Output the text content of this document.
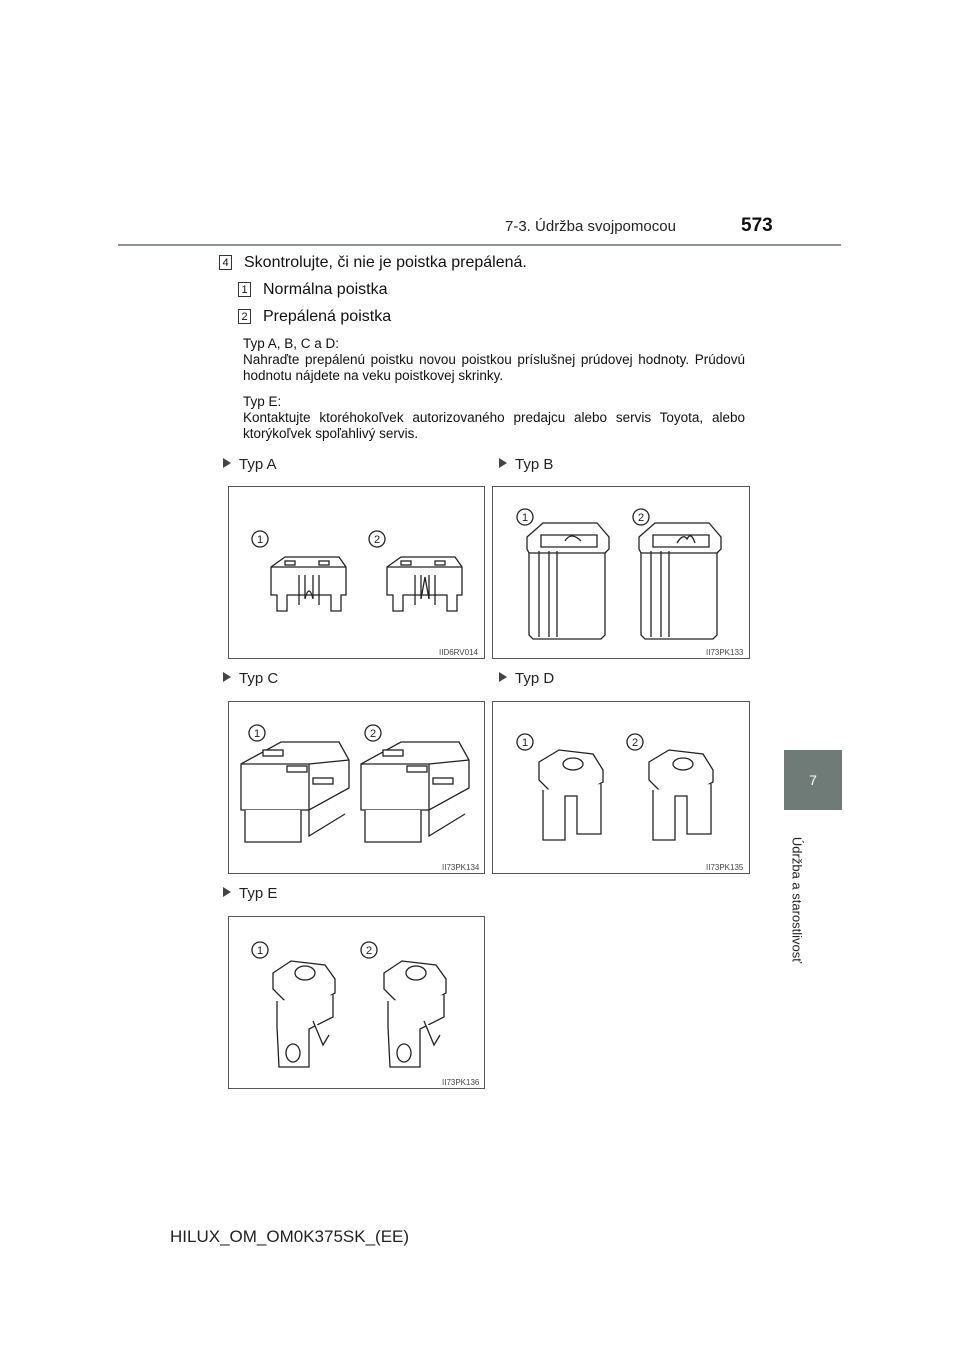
7-3. Údržba svojpomocou	573
7
Údržba a starostlivosť
4 Skontrolujte, či nie je poistka prepálená.
1 Normálna poistka
2 Prepálená poistka

Typ A, B, C a D:

Nahraďte prepálenú poistku novou poistkou príslušnej prúdovej hodnoty. Prúdovú hodnotu nájdete na veku poistkovej skrinky.

Typ E:

Kontaktujte ktoréhokoľvek autorizovaného predajcu alebo servis Toyota, alebo ktorýkoľvek spoľahlivý servis.

Typ A	Typ B
Typ C	Typ D
Typ E
1	2
IID6RV014
1	2
II73PK133
1	2
II73PK134
1	2
II73PK135
1	2
II73PK136
HILUX_OM_OM0K375SK_(EE)
